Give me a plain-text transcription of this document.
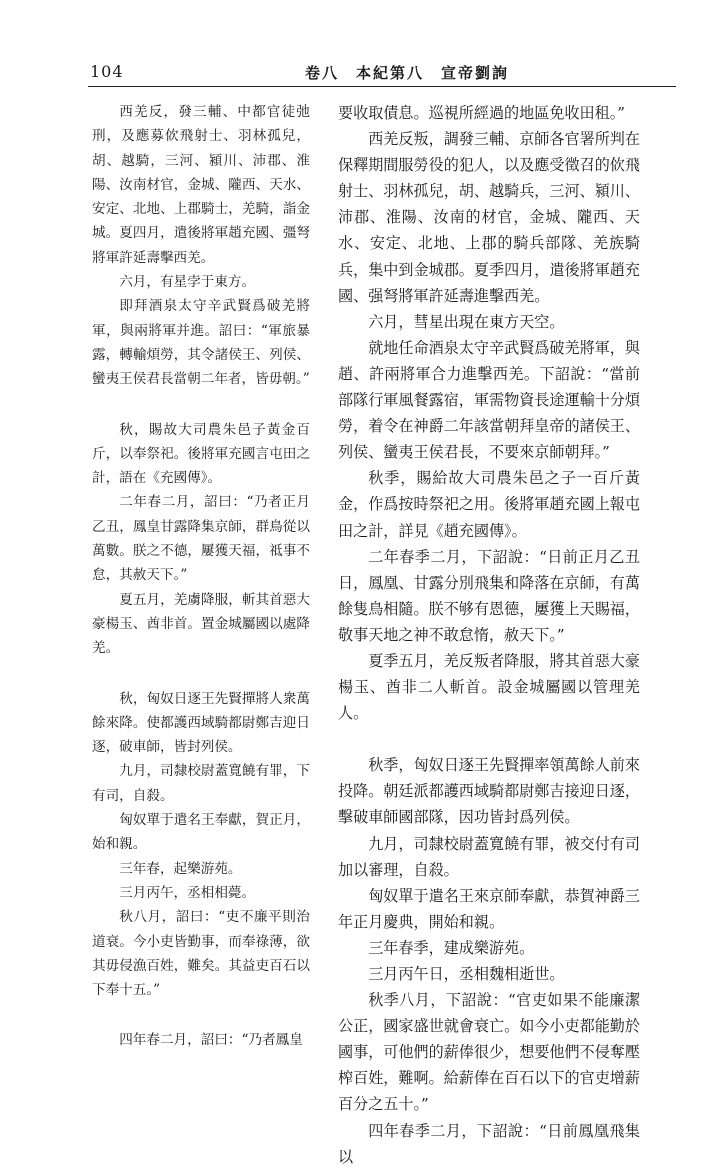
104	卷八　本紀第八　宣帝劉詢

西羌反，發三輔、中都官徒弛刑，及應募佽飛射士、羽林孤兒，胡、越騎，三河、潁川、沛郡、淮陽、汝南材官，金城、隴西、天水、安定、北地、上郡騎士，羌騎，詣金城。夏四月，遣後將軍趙充國、彊弩將軍許延壽擊西羌。

六月，有星孛于東方。

即拜酒泉太守辛武賢爲破羌將軍，與兩將軍并進。詔曰：“軍旅暴露，轉輸煩勞，其令諸侯王、列侯、蠻夷王侯君長當朝二年者，皆毋朝。”

秋，賜故大司農朱邑子黃金百斤，以奉祭祀。後將軍充國言屯田之計，語在《充國傳》。

二年春二月，詔曰：“乃者正月乙丑，鳳皇甘露降集京師，群鳥從以萬數。朕之不德，屢獲天福，祗事不怠，其赦天下。”

夏五月，羌虜降服，斬其首惡大豪楊玉、酋非首。置金城屬國以處降羌。

秋，匈奴日逐王先賢撣將人衆萬餘來降。使都護西域騎都尉鄭吉迎日逐，破車師，皆封列侯。

九月，司隸校尉蓋寬饒有罪，下有司，自殺。

匈奴單于遣名王奉獻，賀正月，始和親。

三年春，起樂游苑。

三月丙午，丞相相薨。

秋八月，詔曰：“吏不廉平則治道衰。今小吏皆勤事，而奉祿薄，欲其毋侵漁百姓，難矣。其益吏百石以下奉十五。”

四年春二月，詔曰：“乃者鳳皇

要收取債息。巡視所經過的地區免收田租。”

西羌反叛，調發三輔、京師各官署所判在保釋期間服勞役的犯人，以及應受徵召的佽飛射士、羽林孤兒，胡、越騎兵，三河、潁川、沛郡、淮陽、汝南的材官，金城、隴西、天水、安定、北地、上郡的騎兵部隊、羌族騎兵，集中到金城郡。夏季四月，遣後將軍趙充國、强弩將軍許延壽進擊西羌。

六月，彗星出現在東方天空。

就地任命酒泉太守辛武賢爲破羌將軍，與趙、許兩將軍合力進擊西羌。下詔說：“當前部隊行軍風餐露宿，軍需物資長途運輸十分煩勞，着令在神爵二年該當朝拜皇帝的諸侯王、列侯、蠻夷王侯君長，不要來京師朝拜。”

秋季，賜給故大司農朱邑之子一百斤黃金，作爲按時祭祀之用。後將軍趙充國上報屯田之計，詳見《趙充國傳》。

二年春季二月，下詔說：“日前正月乙丑日，鳳凰、甘露分別飛集和降落在京師，有萬餘隻鳥相隨。朕不够有恩德，屢獲上天賜福，敬事天地之神不敢怠惰，赦天下。”

夏季五月，羌反叛者降服，將其首惡大豪楊玉、酋非二人斬首。設金城屬國以管理羌人。

秋季，匈奴日逐王先賢撣率領萬餘人前來投降。朝廷派都護西域騎都尉鄭吉接迎日逐，擊破車師國部隊，因功皆封爲列侯。

九月，司隸校尉蓋寬饒有罪，被交付有司加以審理，自殺。

匈奴單于遣名王來京師奉獻，恭賀神爵三年正月慶典，開始和親。

三年春季，建成樂游苑。

三月丙午日，丞相魏相逝世。

秋季八月，下詔說：“官吏如果不能廉潔公正，國家盛世就會衰亡。如今小吏都能勤於國事，可他們的薪俸很少，想要他們不侵奪壓榨百姓，難啊。給薪俸在百石以下的官吏增薪百分之五十。”

四年春季二月，下詔說：“日前鳳凰飛集以
